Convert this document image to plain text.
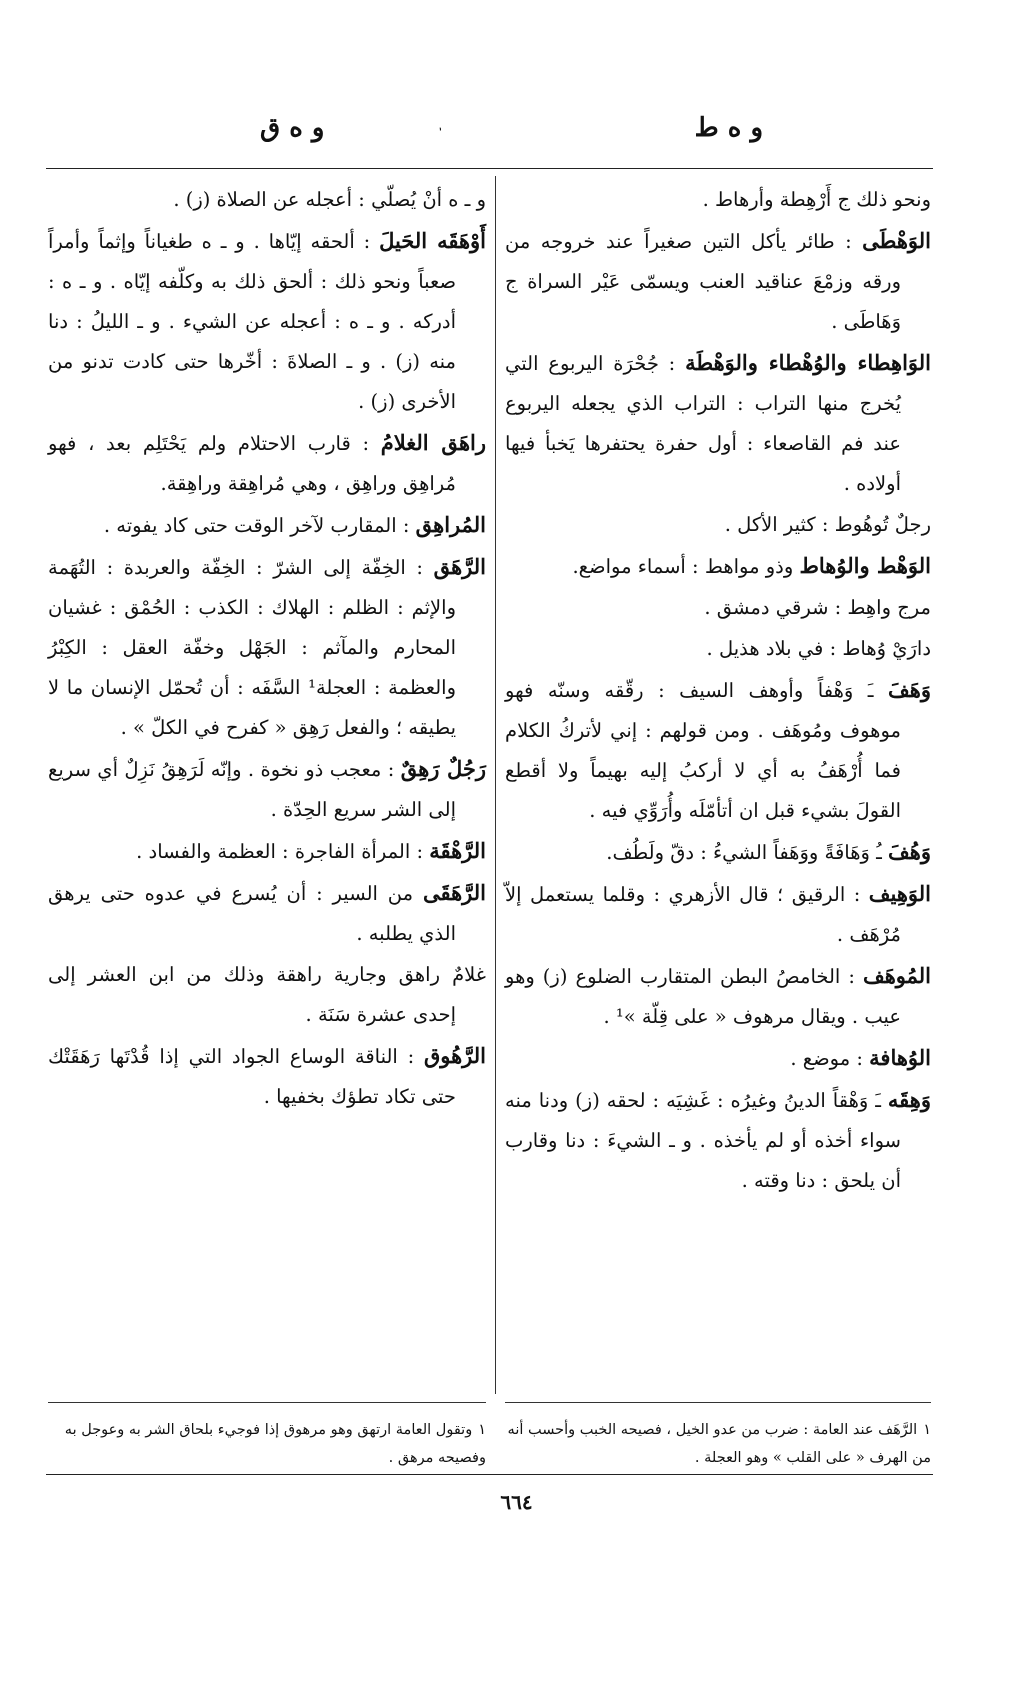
و ه ط
و ه ق

ونحو ذلك ج أَرْهِطة وأرهاط .

الوَهْطَى : طائر يأكل التين صغيراً عند خروجه من ورقه وزمْعَ عناقيد العنب ويسمّى عَيْر السراة ج وَهَاطَى .

الوَاهِطاء والوُهْطاء والوَهْطَة : جُحْرَة اليربوع التي يُخرج منها التراب : التراب الذي يجعله اليربوع عند فم القاصعاء : أول حفرة يحتفرها يَخبأ فيها أولاده .

رجلٌ تُوهُوط : كثير الأكل .

الوَهْط والوُهاط وذو مواهط : أسماء مواضع.

مرج واهِط : شرقي دمشق .

دارَيْ وُهاط : في بلاد هذيل .

وَهَفَ ـَ وَهْفاً وأوهف السيف : رقّقه وسنّه فهو موهوف ومُوهَف . ومن قولهم : إني لأتركُ الكلام فما أُرْهَفُ به أي لا أركبُ إليه بهيماً ولا أقطع القولَ بشيء قبل ان أتأمّلَه وأُرَوِّي فيه .

وَهُفَ ـُ وَهَافَةً ووَهَفاً الشيءُ : دقّ ولَطُف.

الوَهِيف : الرقيق ؛ قال الأزهري : وقلما يستعمل إلاّ مُرْهَف .

المُوهَف : الخامصُ البطن المتقارب الضلوع (ز) وهو عيب . ويقال مرهوف « على قِلّة »¹ .

الوُهافة : موضع .

وَهِقَه ـَ وَهْقاً الدينُ وغيرُه : غَشِيَه : لحقه (ز) ودنا منه سواء أخذه أو لم يأخذه . و ـ الشيءَ : دنا وقارب أن يلحق : دنا وقته .

و ـ ه أنْ يُصلّي : أعجله عن الصلاة (ز) .

أَوْهَقَه الحَيلَ : ألحقه إيّاها . و ـ ه طغياناً وإثماً وأمراً صعباً ونحو ذلك : ألحق ذلك به وكلّفه إيّاه . و ـ ه : أدركه . و ـ ه : أعجله عن الشيء . و ـ الليلُ : دنا منه (ز) . و ـ الصلاةَ : أخّرها حتى كادت تدنو من الأخرى (ز) .

راهَق الغلامُ : قارب الاحتلام ولم يَحْتَلِم بعد ، فهو مُراهِق وراهِق ، وهي مُراهِقة وراهِقة.

المُراهِق : المقارب لآخر الوقت حتى كاد يفوته .

الرَّهَق : الخِفّة إلى الشرّ : الخِفّة والعربدة : التُهَمة والإثم : الظلم : الهلاك : الكذب : الحُمْق : غشيان المحارم والمآثم : الجَهْل وخفّة العقل : الكِبْرُ والعظمة : العجلة¹ السَّفَه : أن تُحمّل الإنسان ما لا يطيقه ؛ والفعل رَهِق « كفرح في الكلّ » .

رَجُلٌ رَهِقٌ : معجب ذو نخوة . وإنّه لَرَهِقُ نَزِلٌ أي سريع إلى الشر سريع الحِدّة .

الرَّهْقَة : المرأة الفاجرة : العظمة والفساد .

الرَّهَقَى من السير : أن يُسرع في عدوه حتى يرهق الذي يطلبه .

غلامٌ راهق وجارية راهقة وذلك من ابن العشر إلى إحدى عشرة سَنَة .

الرَّهُوق : الناقة الوساع الجواد التي إذا قُدْتَها رَهَقَتْك حتى تكاد تطؤك بخفيها .

١الرَّهَف عند العامة : ضرب من عدو الخيل ، فصيحه الخبب وأحسب أنه من الهرف « على القلب » وهو العجلة .
١وتقول العامة ارتهق وهو مرهوق إذا فوجيء بلحاق الشر به وعوجل به وفصيحه مرهق .
٦٦٤
